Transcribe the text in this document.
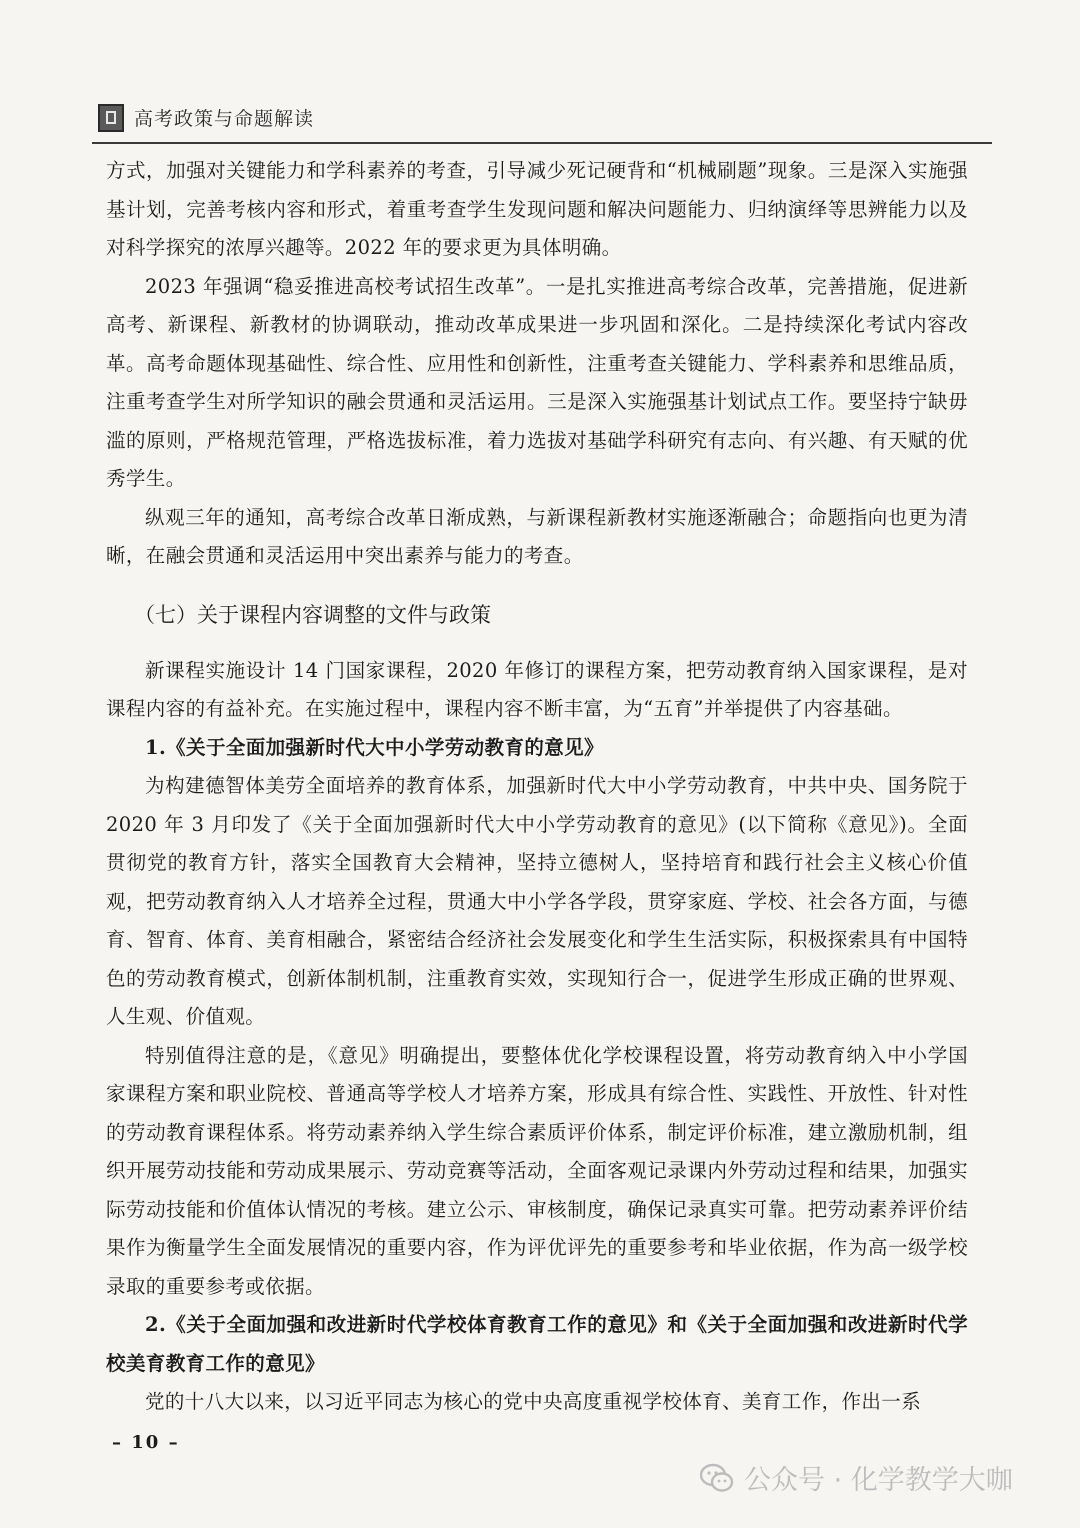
高考政策与命题解读

方式，加强对关键能力和学科素养的考查，引导减少死记硬背和“机械刷题”现象。三是深入实施强基计划，完善考核内容和形式，着重考查学生发现问题和解决问题能力、归纳演绎等思辨能力以及对科学探究的浓厚兴趣等。2022 年的要求更为具体明确。

2023 年强调“稳妥推进高校考试招生改革”。一是扎实推进高考综合改革，完善措施，促进新高考、新课程、新教材的协调联动，推动改革成果进一步巩固和深化。二是持续深化考试内容改革。高考命题体现基础性、综合性、应用性和创新性，注重考查关键能力、学科素养和思维品质，注重考查学生对所学知识的融会贯通和灵活运用。三是深入实施强基计划试点工作。要坚持宁缺毋滥的原则，严格规范管理，严格选拔标准，着力选拔对基础学科研究有志向、有兴趣、有天赋的优秀学生。

纵观三年的通知，高考综合改革日渐成熟，与新课程新教材实施逐渐融合；命题指向也更为清晰，在融会贯通和灵活运用中突出素养与能力的考查。

（七）关于课程内容调整的文件与政策

新课程实施设计 14 门国家课程，2020 年修订的课程方案，把劳动教育纳入国家课程，是对课程内容的有益补充。在实施过程中，课程内容不断丰富，为“五育”并举提供了内容基础。

1.《关于全面加强新时代大中小学劳动教育的意见》

为构建德智体美劳全面培养的教育体系，加强新时代大中小学劳动教育，中共中央、国务院于 2020 年 3 月印发了《关于全面加强新时代大中小学劳动教育的意见》(以下简称《意见》)。全面贯彻党的教育方针，落实全国教育大会精神，坚持立德树人，坚持培育和践行社会主义核心价值观，把劳动教育纳入人才培养全过程，贯通大中小学各学段，贯穿家庭、学校、社会各方面，与德育、智育、体育、美育相融合，紧密结合经济社会发展变化和学生生活实际，积极探索具有中国特色的劳动教育模式，创新体制机制，注重教育实效，实现知行合一，促进学生形成正确的世界观、人生观、价值观。

特别值得注意的是，《意见》明确提出，要整体优化学校课程设置，将劳动教育纳入中小学国家课程方案和职业院校、普通高等学校人才培养方案，形成具有综合性、实践性、开放性、针对性的劳动教育课程体系。将劳动素养纳入学生综合素质评价体系，制定评价标准，建立激励机制，组织开展劳动技能和劳动成果展示、劳动竞赛等活动，全面客观记录课内外劳动过程和结果，加强实际劳动技能和价值体认情况的考核。建立公示、审核制度，确保记录真实可靠。把劳动素养评价结果作为衡量学生全面发展情况的重要内容，作为评优评先的重要参考和毕业依据，作为高一级学校录取的重要参考或依据。

2.《关于全面加强和改进新时代学校体育教育工作的意见》和《关于全面加强和改进新时代学校美育教育工作的意见》

党的十八大以来，以习近平同志为核心的党中央高度重视学校体育、美育工作，作出一系

– 10 –
公众号 · 化学教学大咖
